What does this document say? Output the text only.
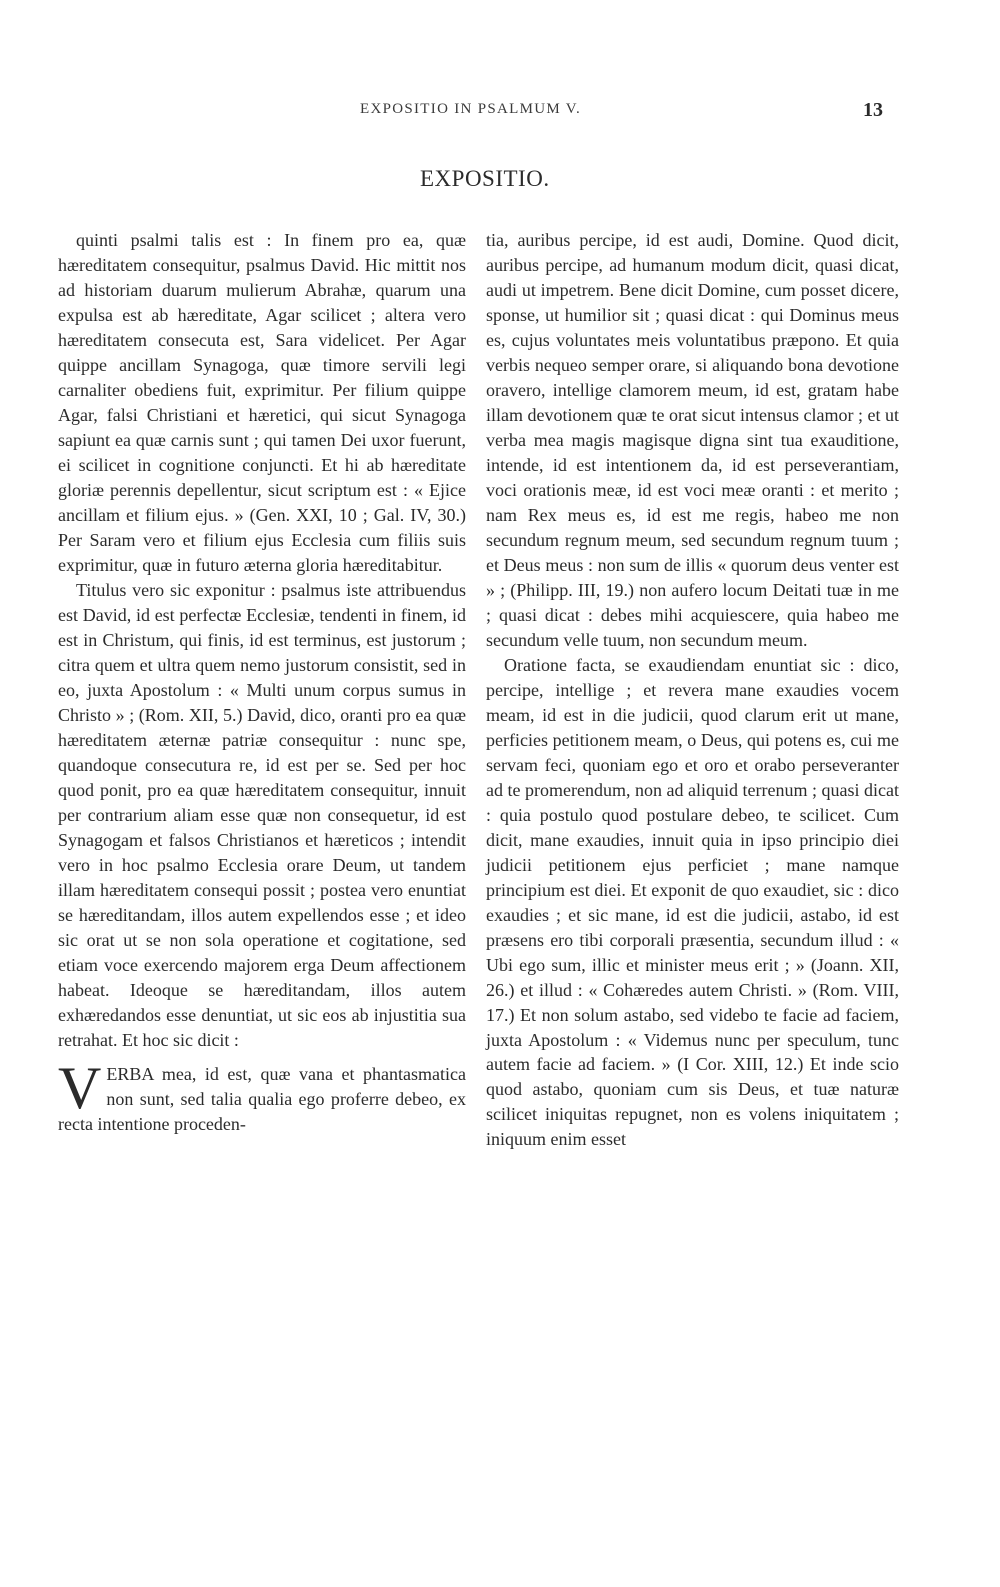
EXPOSITIO IN PSALMUM V.	13
EXPOSITIO.

quinti psalmi talis est : In finem pro ea, quæ hæreditatem consequitur, psalmus David. Hic mittit nos ad historiam duarum mulierum Abrahæ, quarum una expulsa est ab hæreditate, Agar scilicet ; altera vero hæreditatem consecuta est, Sara videlicet. Per Agar quippe ancillam Synagoga, quæ timore servili legi carnaliter obediens fuit, exprimitur. Per filium quippe Agar, falsi Christiani et hæretici, qui sicut Synagoga sapiunt ea quæ carnis sunt ; qui tamen Dei uxor fuerunt, ei scilicet in cognitione conjuncti. Et hi ab hæreditate gloriæ perennis depellentur, sicut scriptum est : « Ejice ancillam et filium ejus. » (Gen. XXI, 10 ; Gal. IV, 30.) Per Saram vero et filium ejus Ecclesia cum filiis suis exprimitur, quæ in futuro æterna gloria hæreditabitur.

Titulus vero sic exponitur : psalmus iste attribuendus est David, id est perfectæ Ecclesiæ, tendenti in finem, id est in Christum, qui finis, id est terminus, est justorum ; citra quem et ultra quem nemo justorum consistit, sed in eo, juxta Apostolum : « Multi unum corpus sumus in Christo » ; (Rom. XII, 5.) David, dico, oranti pro ea quæ hæreditatem æternæ patriæ consequitur : nunc spe, quandoque consecutura re, id est per se. Sed per hoc quod ponit, pro ea quæ hæreditatem consequitur, innuit per contrarium aliam esse quæ non consequetur, id est Synagogam et falsos Christianos et hæreticos ; intendit vero in hoc psalmo Ecclesia orare Deum, ut tandem illam hæreditatem consequi possit ; postea vero enuntiat se hæreditandam, illos autem expellendos esse ; et ideo sic orat ut se non sola operatione et cogitatione, sed etiam voce exercendo majorem erga Deum affectionem habeat. Ideoque se hæreditandam, illos autem exhæredandos esse denuntiat, ut sic eos ab injustitia sua retrahat. Et hoc sic dicit :

VERBA mea, id est, quæ vana et phantasmatica non sunt, sed talia qualia ego proferre debeo, ex recta intentione proceden-

tia, auribus percipe, id est audi, Domine. Quod dicit, auribus percipe, ad humanum modum dicit, quasi dicat, audi ut impetrem. Bene dicit Domine, cum posset dicere, sponse, ut humilior sit ; quasi dicat : qui Dominus meus es, cujus voluntates meis voluntatibus præpono. Et quia verbis nequeo semper orare, si aliquando bona devotione oravero, intellige clamorem meum, id est, gratam habe illam devotionem quæ te orat sicut intensus clamor ; et ut verba mea magis magisque digna sint tua exauditione, intende, id est intentionem da, id est perseverantiam, voci orationis meæ, id est voci meæ oranti : et merito ; nam Rex meus es, id est me regis, habeo me non secundum regnum meum, sed secundum regnum tuum ; et Deus meus : non sum de illis « quorum deus venter est » ; (Philipp. III, 19.) non aufero locum Deitati tuæ in me ; quasi dicat : debes mihi acquiescere, quia habeo me secundum velle tuum, non secundum meum.

Oratione facta, se exaudiendam enuntiat sic : dico, percipe, intellige ; et revera mane exaudies vocem meam, id est in die judicii, quod clarum erit ut mane, perficies petitionem meam, o Deus, qui potens es, cui me servam feci, quoniam ego et oro et orabo perseveranter ad te promerendum, non ad aliquid terrenum ; quasi dicat : quia postulo quod postulare debeo, te scilicet. Cum dicit, mane exaudies, innuit quia in ipso principio diei judicii petitionem ejus perficiet ; mane namque principium est diei. Et exponit de quo exaudiet, sic : dico exaudies ; et sic mane, id est die judicii, astabo, id est præsens ero tibi corporali præsentia, secundum illud : « Ubi ego sum, illic et minister meus erit ; » (Joann. XII, 26.) et illud : « Cohæredes autem Christi. » (Rom. VIII, 17.) Et non solum astabo, sed videbo te facie ad faciem, juxta Apostolum : « Videmus nunc per speculum, tunc autem facie ad faciem. » (I Cor. XIII, 12.) Et inde scio quod astabo, quoniam cum sis Deus, et tuæ naturæ scilicet iniquitas repugnet, non es volens iniquitatem ; iniquum enim esset
